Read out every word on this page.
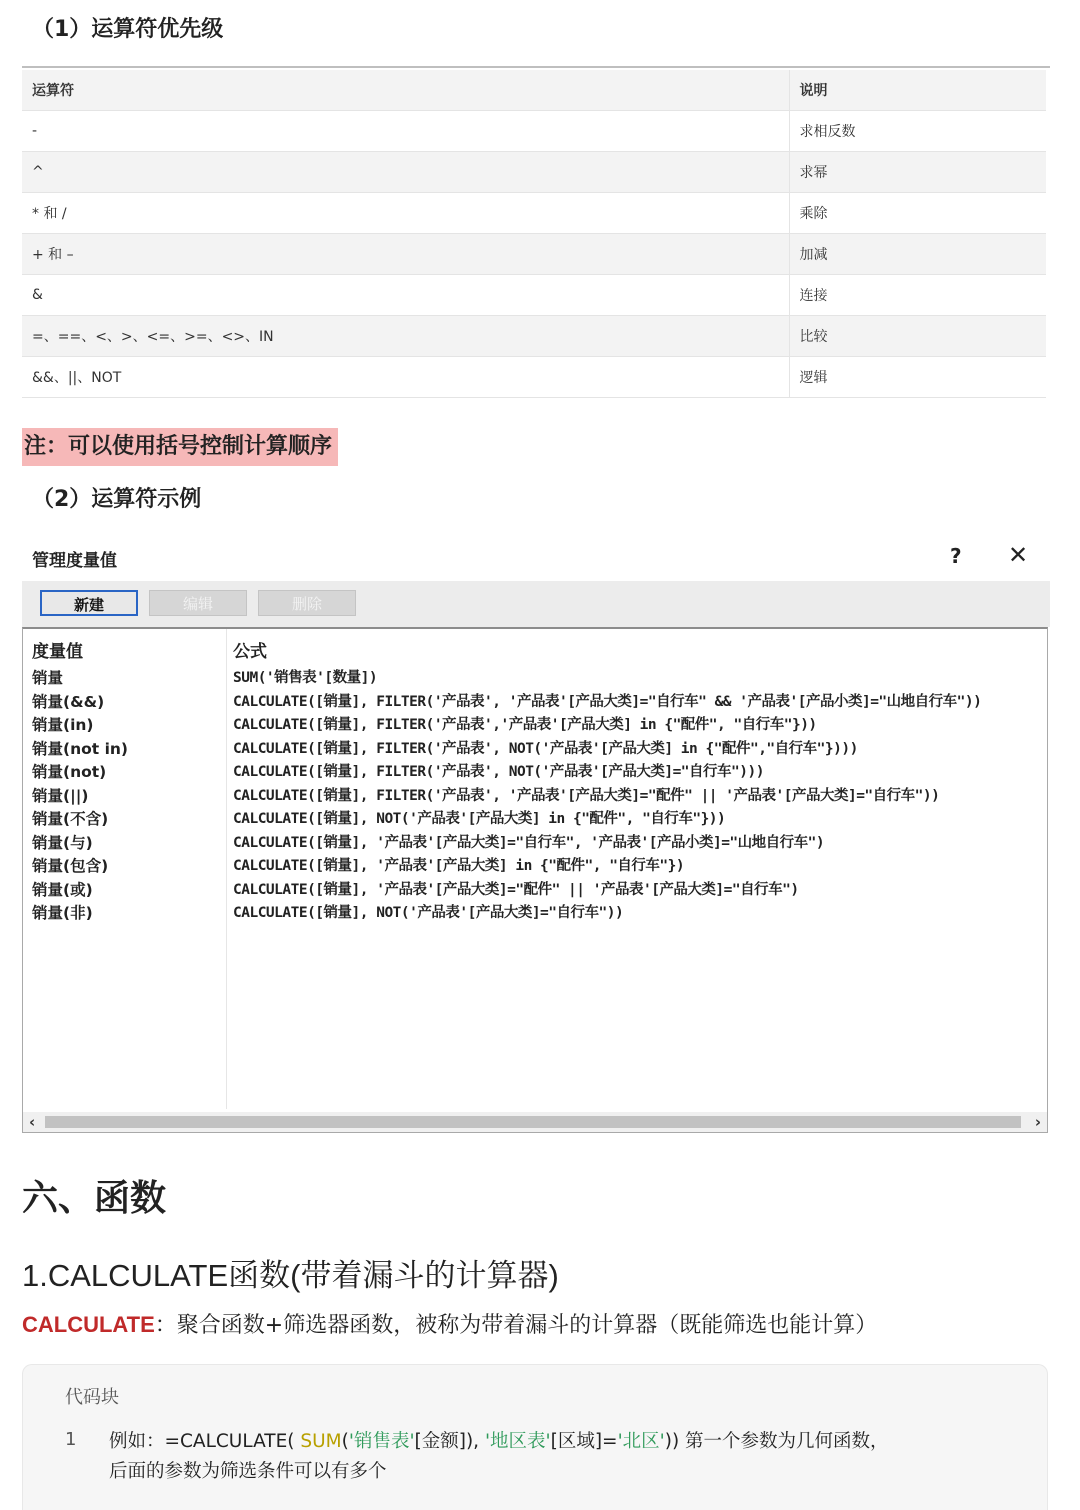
（1）运算符优先级
运算符	说明
-	求相反数
^	求幂
* 和 /	乘除
+ 和 –	加减
&	连接
=、==、<、>、<=、>=、<>、IN	比较
&&、||、NOT	逻辑
注：可以使用括号控制计算顺序
（2）运算符示例
管理度量值	? ✕
新建	编辑	删除
度量值	公式
销量	SUM('销售表'[数量])
销量(&&)	CALCULATE([销量], FILTER('产品表', '产品表'[产品大类]="自行车" && '产品表'[产品小类]="山地自行车"))
销量(in)	CALCULATE([销量], FILTER('产品表','产品表'[产品大类] in {"配件", "自行车"}))
销量(not in)	CALCULATE([销量], FILTER('产品表', NOT('产品表'[产品大类] in {"配件","自行车"})))
销量(not)	CALCULATE([销量], FILTER('产品表', NOT('产品表'[产品大类]="自行车")))
销量(||)	CALCULATE([销量], FILTER('产品表', '产品表'[产品大类]="配件" || '产品表'[产品大类]="自行车"))
销量(不含)	CALCULATE([销量], NOT('产品表'[产品大类] in {"配件", "自行车"}))
销量(与)	CALCULATE([销量], '产品表'[产品大类]="自行车", '产品表'[产品小类]="山地自行车")
销量(包含)	CALCULATE([销量], '产品表'[产品大类] in {"配件", "自行车"})
销量(或)	CALCULATE([销量], '产品表'[产品大类]="配件" || '产品表'[产品大类]="自行车")
销量(非)	CALCULATE([销量], NOT('产品表'[产品大类]="自行车"))
‹	›
六、函数
1.CALCULATE函数(带着漏斗的计算器)
CALCULATE：聚合函数+筛选器函数，被称为带着漏斗的计算器（既能筛选也能计算）
代码块
1 例如：=CALCULATE( SUM('销售表'[金额]), '地区表'[区域]='北区')) 第一个参数为几何函数，
后面的参数为筛选条件可以有多个
